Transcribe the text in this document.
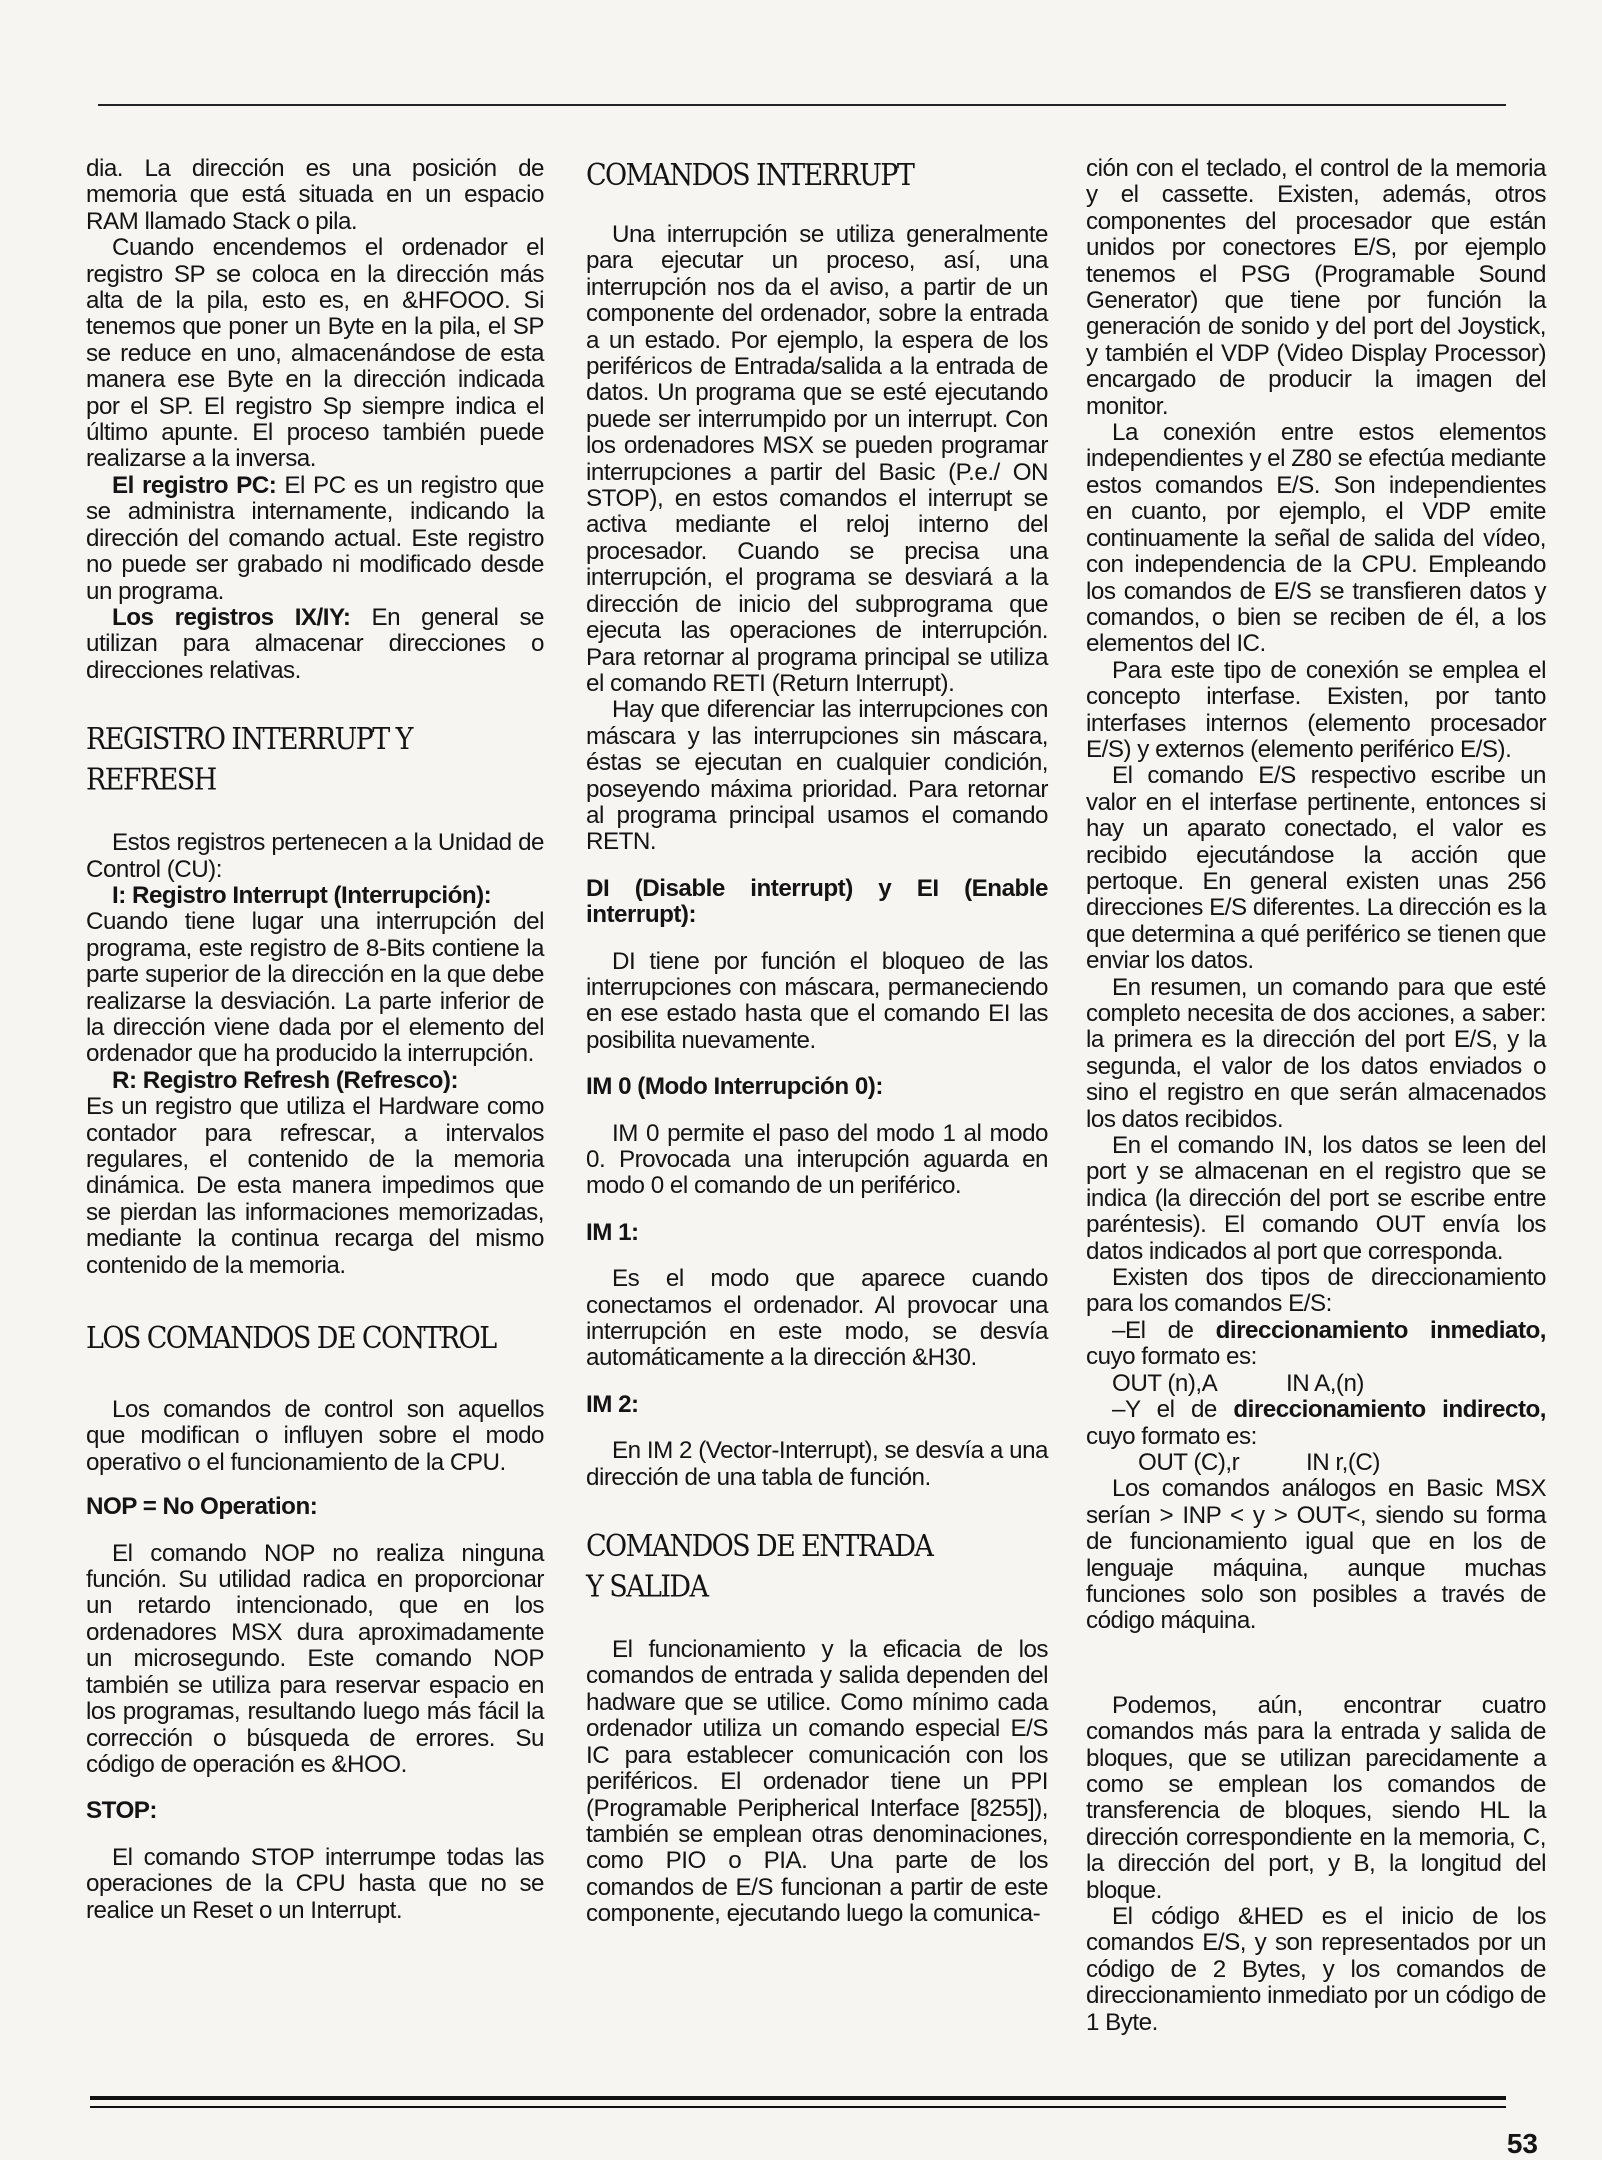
dia. La dirección es una posición de memoria que está situada en un espacio RAM llamado Stack o pila.

Cuando encendemos el ordenador el registro SP se coloca en la dirección más alta de la pila, esto es, en &HFOOO. Si tenemos que poner un Byte en la pila, el SP se reduce en uno, almacenándose de esta manera ese Byte en la dirección indicada por el SP. El registro Sp siempre indica el último apunte. El proceso también puede realizarse a la inversa.

El registro PC: El PC es un registro que se administra internamente, indicando la dirección del comando actual. Este registro no puede ser grabado ni modificado desde un programa.

Los registros IX/IY: En general se utilizan para almacenar direcciones o direcciones relativas.

REGISTRO INTERRUPT Y
REFRESH

Estos registros pertenecen a la Unidad de Control (CU):

I: Registro Interrupt (Interrupción):
Cuando tiene lugar una interrupción del programa, este registro de 8-Bits contiene la parte superior de la dirección en la que debe realizarse la desviación. La parte inferior de la dirección viene dada por el elemento del ordenador que ha producido la interrupción.

R: Registro Refresh (Refresco):
Es un registro que utiliza el Hardware como contador para refrescar, a intervalos regulares, el contenido de la memoria dinámica. De esta manera impedimos que se pierdan las informaciones memorizadas, mediante la continua recarga del mismo contenido de la memoria.

LOS COMANDOS DE CONTROL

Los comandos de control son aquellos que modifican o influyen sobre el modo operativo o el funcionamiento de la CPU.

NOP = No Operation:

El comando NOP no realiza ninguna función. Su utilidad radica en proporcionar un retardo intencionado, que en los ordenadores MSX dura aproximadamente un microsegundo. Este comando NOP también se utiliza para reservar espacio en los programas, resultando luego más fácil la corrección o búsqueda de errores. Su código de operación es &HOO.

STOP:

El comando STOP interrumpe todas las operaciones de la CPU hasta que no se realice un Reset o un Interrupt.

COMANDOS INTERRUPT

Una interrupción se utiliza generalmente para ejecutar un proceso, así, una interrupción nos da el aviso, a partir de un componente del ordenador, sobre la entrada a un estado. Por ejemplo, la espera de los periféricos de Entrada/salida a la entrada de datos. Un programa que se esté ejecutando puede ser interrumpido por un interrupt. Con los ordenadores MSX se pueden programar interrupciones a partir del Basic (P.e./ ON STOP), en estos comandos el interrupt se activa mediante el reloj interno del procesador. Cuando se precisa una interrupción, el programa se desviará a la dirección de inicio del subprograma que ejecuta las operaciones de interrupción. Para retornar al programa principal se utiliza el comando RETI (Return Interrupt).

Hay que diferenciar las interrupciones con máscara y las interrupciones sin máscara, éstas se ejecutan en cualquier condición, poseyendo máxima prioridad. Para retornar al programa principal usamos el comando RETN.

DI (Disable interrupt) y EI (Enable interrupt):

DI tiene por función el bloqueo de las interrupciones con máscara, permaneciendo en ese estado hasta que el comando EI las posibilita nuevamente.

IM 0 (Modo Interrupción 0):

IM 0 permite el paso del modo 1 al modo 0. Provocada una interupción aguarda en modo 0 el comando de un periférico.

IM 1:

Es el modo que aparece cuando conectamos el ordenador. Al provocar una interrupción en este modo, se desvía automáticamente a la dirección &H30.

IM 2:

En IM 2 (Vector-Interrupt), se desvía a una dirección de una tabla de función.

COMANDOS DE ENTRADA
Y SALIDA

El funcionamiento y la eficacia de los comandos de entrada y salida dependen del hadware que se utilice. Como mínimo cada ordenador utiliza un comando especial E/S IC para establecer comunicación con los periféricos. El ordenador tiene un PPI (Programable Peripherical Interface [8255]), también se emplean otras denominaciones, como PIO o PIA. Una parte de los comandos de E/S funcionan a partir de este componente, ejecutando luego la comunica-

ción con el teclado, el control de la memoria y el cassette. Existen, además, otros componentes del procesador que están unidos por conectores E/S, por ejemplo tenemos el PSG (Programable Sound Generator) que tiene por función la generación de sonido y del port del Joystick, y también el VDP (Video Display Processor) encargado de producir la imagen del monitor.

La conexión entre estos elementos independientes y el Z80 se efectúa mediante estos comandos E/S. Son independientes en cuanto, por ejemplo, el VDP emite continuamente la señal de salida del vídeo, con independencia de la CPU. Empleando los comandos de E/S se transfieren datos y comandos, o bien se reciben de él, a los elementos del IC.

Para este tipo de conexión se emplea el concepto interfase. Existen, por tanto interfases internos (elemento procesador E/S) y externos (elemento periférico E/S).

El comando E/S respectivo escribe un valor en el interfase pertinente, entonces si hay un aparato conectado, el valor es recibido ejecutándose la acción que pertoque. En general existen unas 256 direcciones E/S diferentes. La dirección es la que determina a qué periférico se tienen que enviar los datos.

En resumen, un comando para que esté completo necesita de dos acciones, a saber: la primera es la dirección del port E/S, y la segunda, el valor de los datos enviados o sino el registro en que serán almacenados los datos recibidos.

En el comando IN, los datos se leen del port y se almacenan en el registro que se indica (la dirección del port se escribe entre paréntesis). El comando OUT envía los datos indicados al port que corresponda.

Existen dos tipos de direccionamiento para los comandos E/S:

–El de direccionamiento inmediato, cuyo formato es:

OUT (n),A	IN A,(n)

–Y el de direccionamiento indirecto, cuyo formato es:

OUT (C),r	IN r,(C)

Los comandos análogos en Basic MSX serían > INP < y > OUT<, siendo su forma de funcionamiento igual que en los de lenguaje máquina, aunque muchas funciones solo son posibles a través de código máquina.

Podemos, aún, encontrar cuatro comandos más para la entrada y salida de bloques, que se utilizan parecidamente a como se emplean los comandos de transferencia de bloques, siendo HL la dirección correspondiente en la memoria, C, la dirección del port, y B, la longitud del bloque.

El código &HED es el inicio de los comandos E/S, y son representados por un código de 2 Bytes, y los comandos de direccionamiento inmediato por un código de 1 Byte.

53
